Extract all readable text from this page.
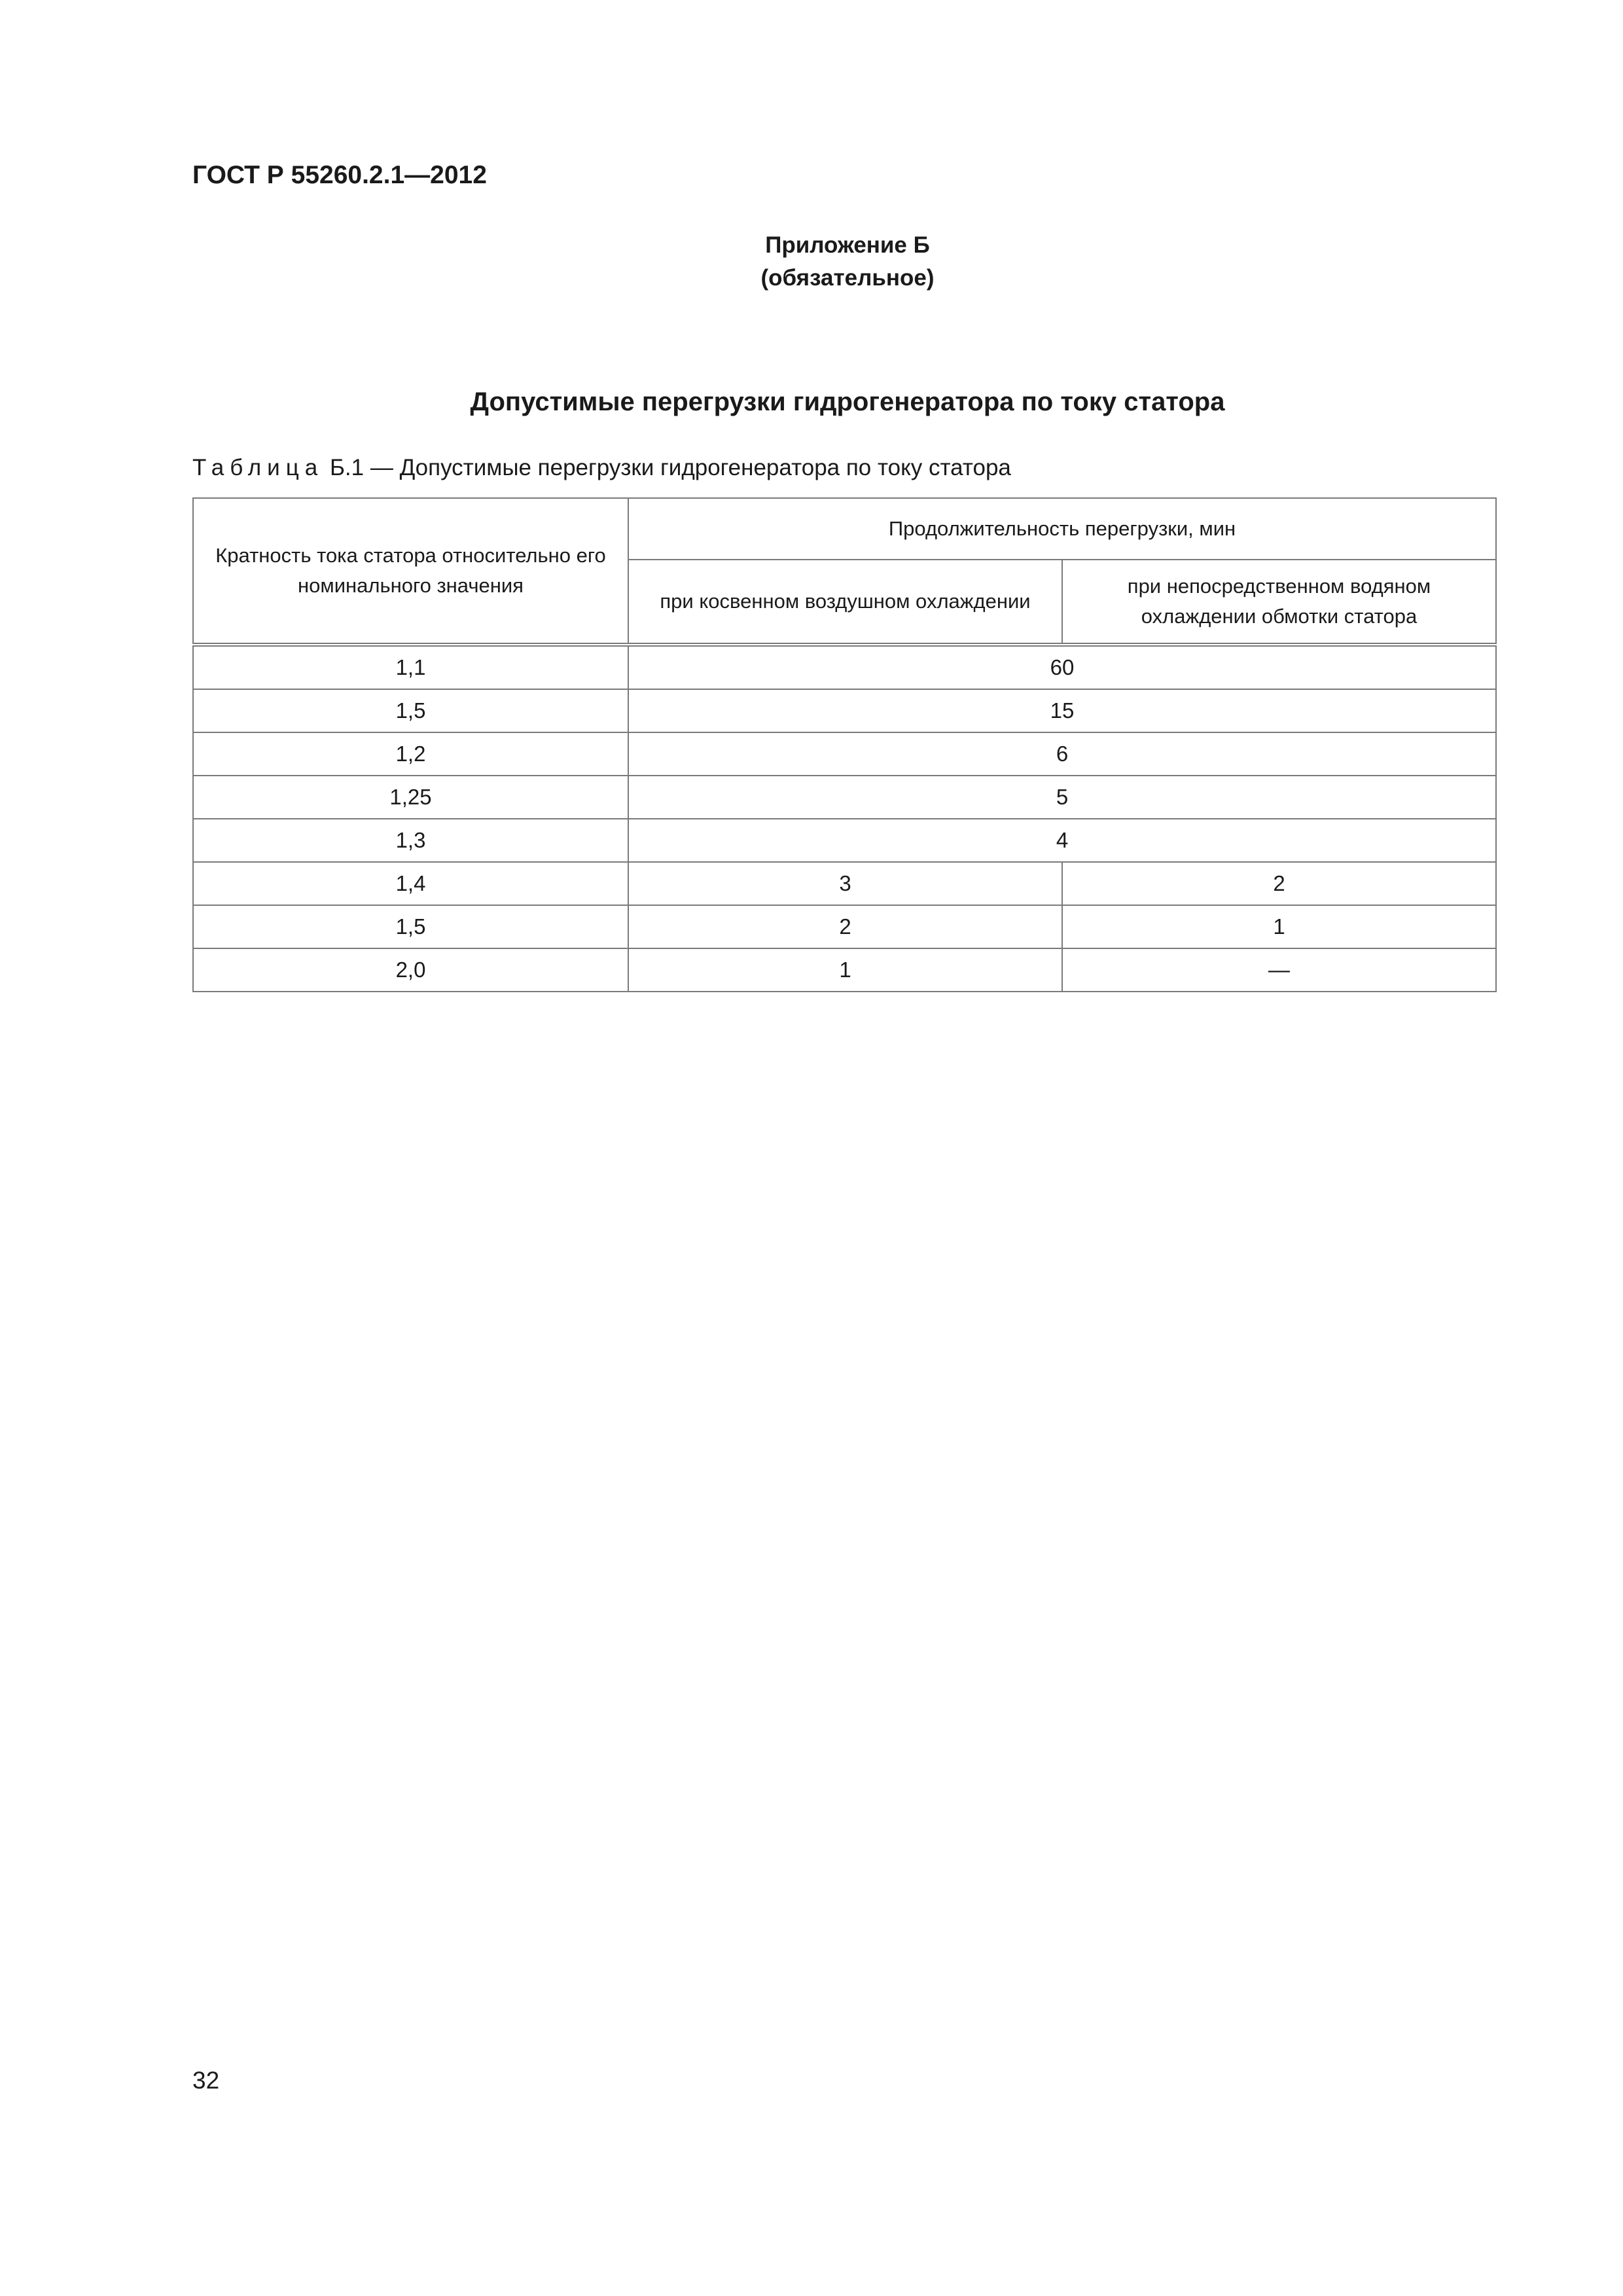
ГОСТ Р 55260.2.1—2012
Приложение Б
(обязательное)
Допустимые перегрузки гидрогенератора по току статора
Таблица Б.1 — Допустимые перегрузки гидрогенератора по току статора
Кратность тока статора относительно его номинального значения	Продолжительность перегрузки, мин	
	при косвенном воздушном охлаждении	при непосредственном водяном охлаждении обмотки статора
1,1	60	
1,5	15	
1,2	6	
1,25	5	
1,3	4	
1,4	3	2
1,5	2	1
2,0	1	—
32
